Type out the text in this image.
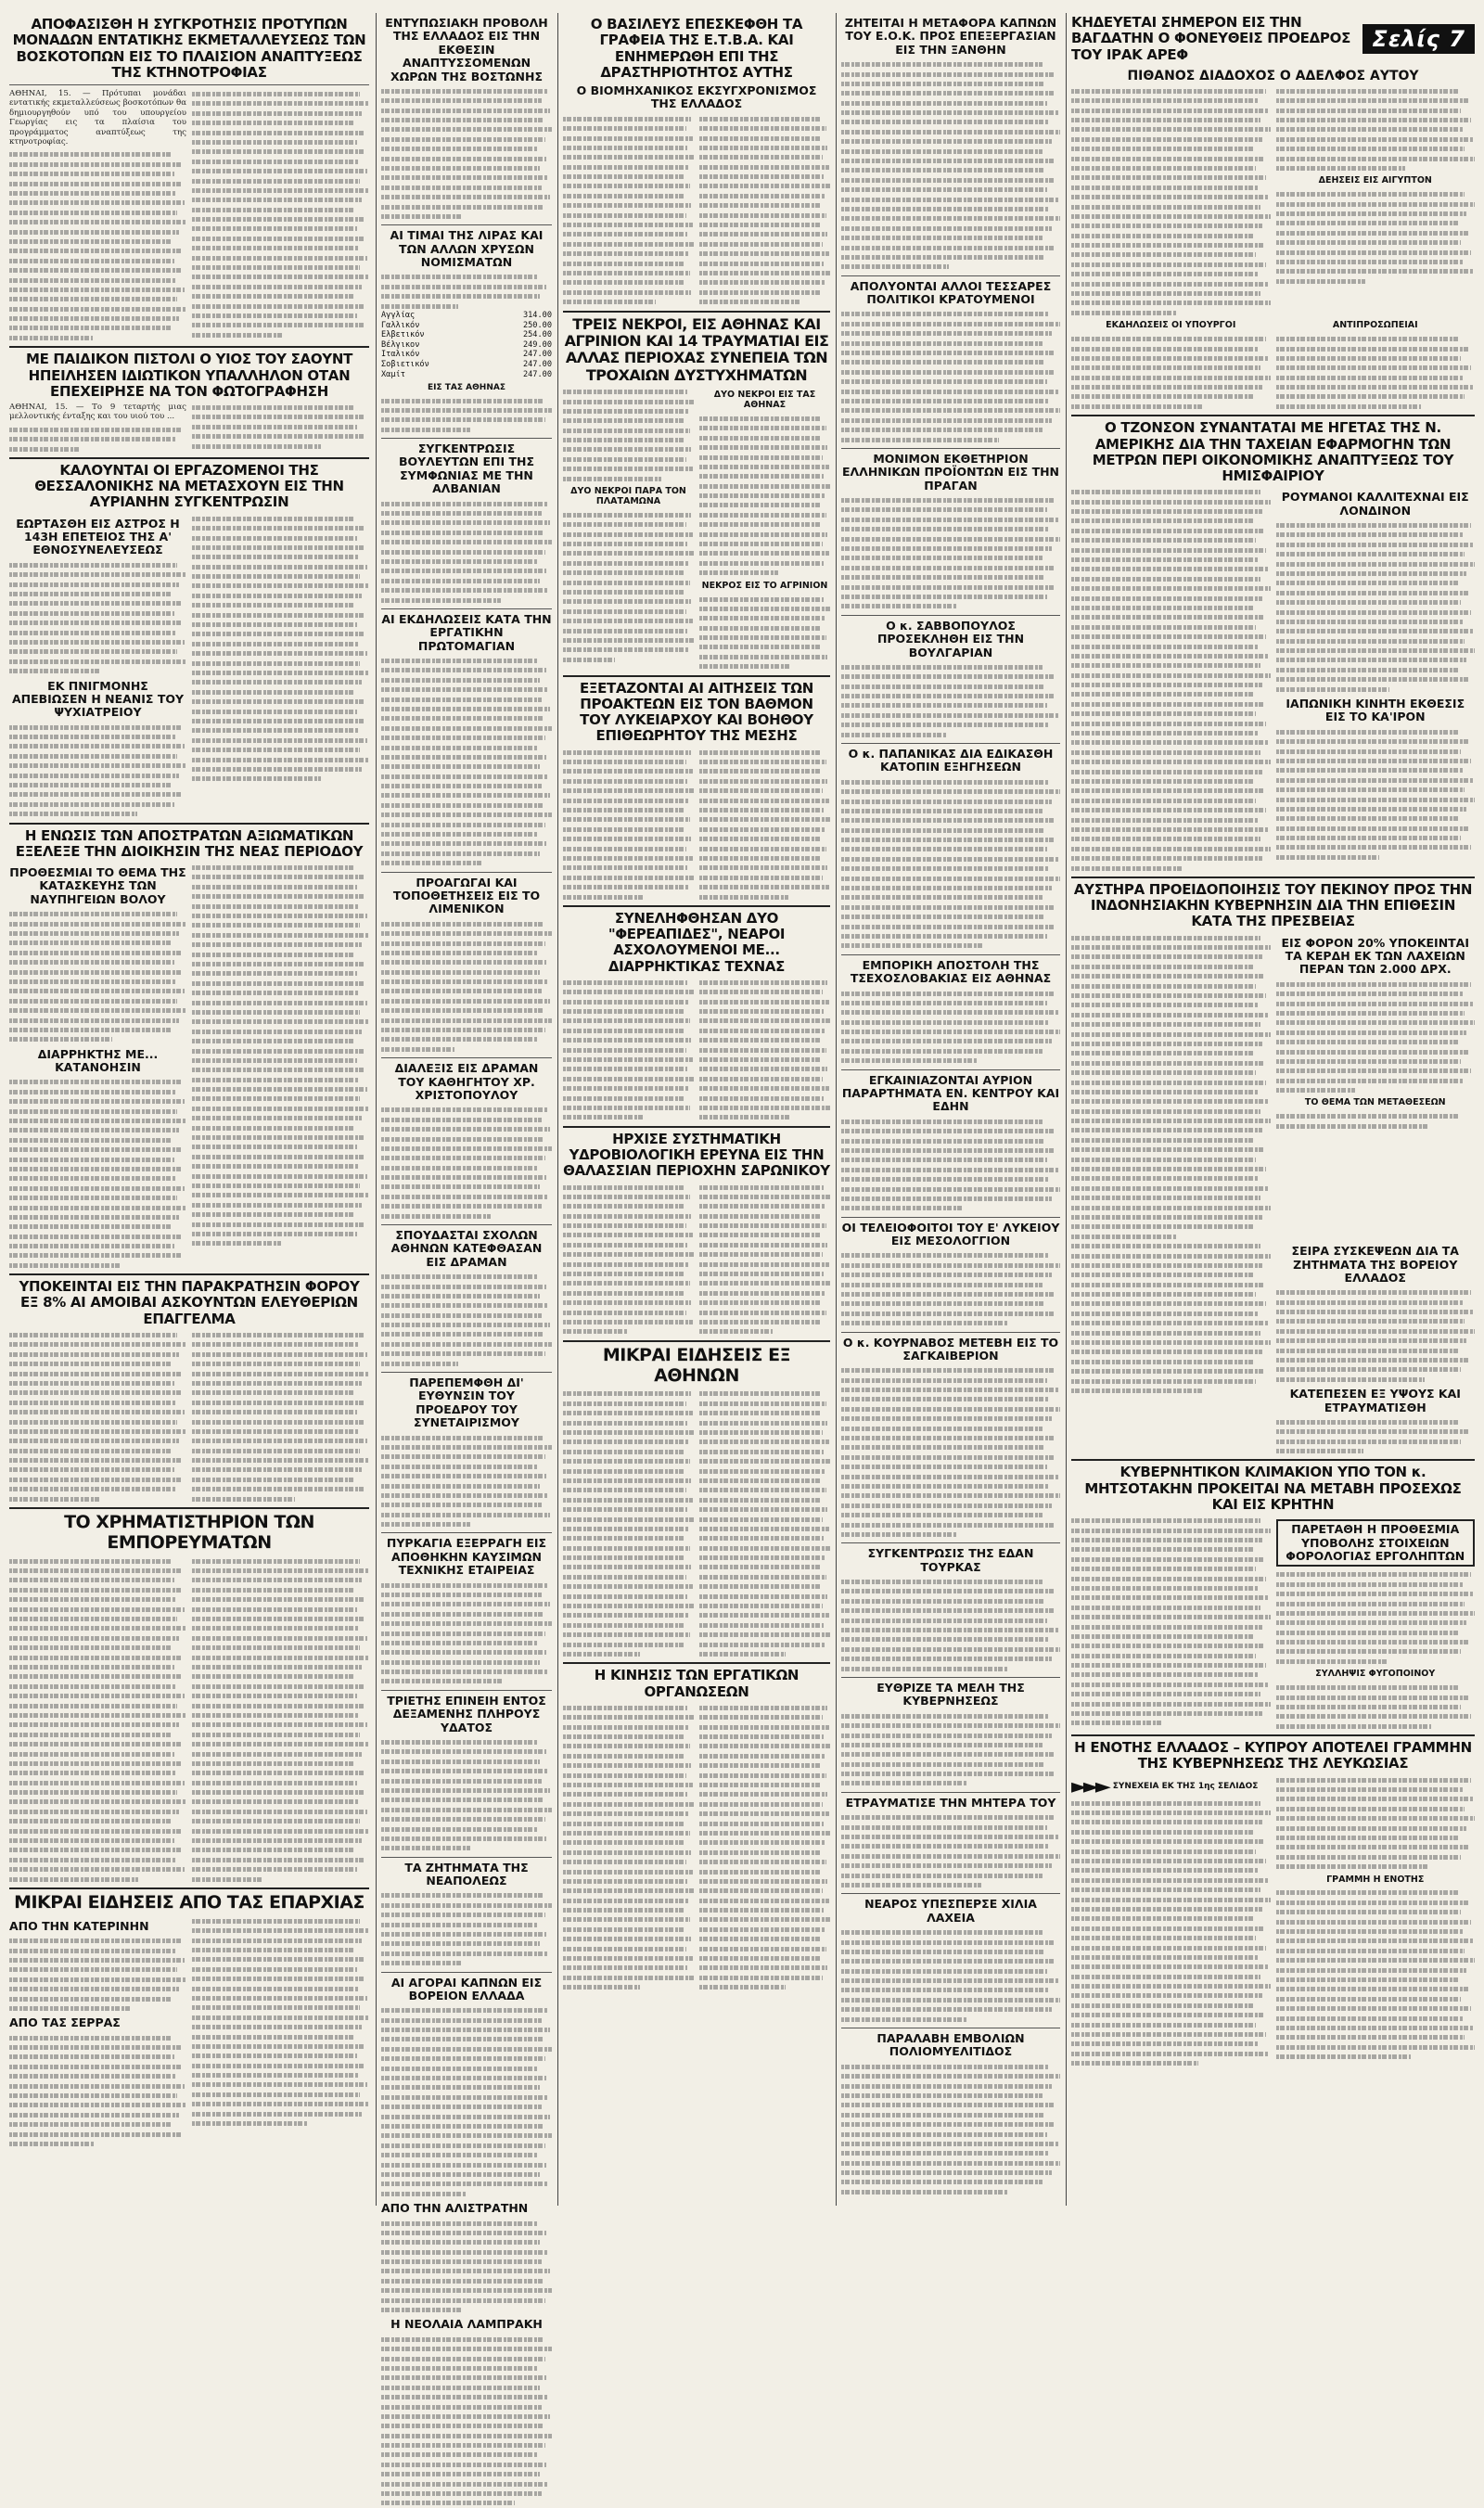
ΑΠΟΦΑΣΙΣΘΗ Η ΣΥΓΚΡΟΤΗΣΙΣ ΠΡΟΤΥΠΩΝ ΜΟΝΑΔΩΝ ΕΝΤΑΤΙΚΗΣ ΕΚΜΕΤΑΛΛΕΥΣΕΩΣ ΤΩΝ ΒΟΣΚΟΤΟΠΩΝ ΕΙΣ ΤΟ ΠΛΑΙΣΙΟΝ ΑΝΑΠΤΥΞΕΩΣ ΤΗΣ ΚΤΗΝΟΤΡΟΦΙΑΣ

ΑΘΗΝΑΙ, 15. — Πρότυπαι μονάδαι εντατικής εκμεταλλεύσεως βοσκοτόπων θα δημιουργηθούν υπό του υπουργείου Γεωργίας εις τα πλαίσια του προγράμματος αναπτύξεως της κτηνοτροφίας.

ΜΕ ΠΑΙΔΙΚΟΝ ΠΙΣΤΟΛΙ Ο ΥΙΟΣ ΤΟΥ ΣΑΟΥΝΤ ΗΠΕΙΛΗΣΕΝ ΙΔΙΩΤΙΚΟΝ ΥΠΑΛΛΗΛΟΝ ΟΤΑΝ ΕΠΕΧΕΙΡΗΣΕ ΝΑ ΤΟΝ ΦΩΤΟΓΡΑΦΗΣΗ

ΑΘΗΝΑΙ, 15. — Το 9 τεταρτής μιας μελλοντικής ένταξης και του υιού του ...

ΚΑΛΟΥΝΤΑΙ ΟΙ ΕΡΓΑΖΟΜΕΝΟΙ ΤΗΣ ΘΕΣΣΑΛΟΝΙΚΗΣ ΝΑ ΜΕΤΑΣΧΟΥΝ ΕΙΣ ΤΗΝ ΑΥΡΙΑΝΗΝ ΣΥΓΚΕΝΤΡΩΣΙΝ
ΕΩΡΤΑΣΘΗ ΕΙΣ ΑΣΤΡΟΣ Η 143Η ΕΠΕΤΕΙΟΣ ΤΗΣ Α' ΕΘΝΟΣΥΝΕΛΕΥΣΕΩΣ
ΕΚ ΠΝΙΓΜΟΝΗΣ ΑΠΕΒΙΩΣΕΝ Η ΝΕΑΝΙΣ ΤΟΥ ΨΥΧΙΑΤΡΕΙΟΥ
Η ΕΝΩΣΙΣ ΤΩΝ ΑΠΟΣΤΡΑΤΩΝ ΑΞΙΩΜΑΤΙΚΩΝ ΕΞΕΛΕΞΕ ΤΗΝ ΔΙΟΙΚΗΣΙΝ ΤΗΣ ΝΕΑΣ ΠΕΡΙΟΔΟΥ
ΠΡΟΘΕΣΜΙΑΙ ΤΟ ΘΕΜΑ ΤΗΣ ΚΑΤΑΣΚΕΥΗΣ ΤΩΝ ΝΑΥΠΗΓΕΙΩΝ ΒΟΛΟΥ
ΔΙΑΡΡΗΚΤΗΣ ΜΕ... ΚΑΤΑΝΟΗΣΙΝ
ΥΠΟΚΕΙΝΤΑΙ ΕΙΣ ΤΗΝ ΠΑΡΑΚΡΑΤΗΣΙΝ ΦΟΡΟΥ ΕΞ 8% ΑΙ ΑΜΟΙΒΑΙ ΑΣΚΟΥΝΤΩΝ ΕΛΕΥΘΕΡΙΩΝ ΕΠΑΓΓΕΛΜΑ
ΤΟ ΧΡΗΜΑΤΙΣΤΗΡΙΟΝ ΤΩΝ ΕΜΠΟΡΕΥΜΑΤΩΝ
ΜΙΚΡΑΙ ΕΙΔΗΣΕΙΣ ΑΠΟ ΤΑΣ ΕΠΑΡΧΙΑΣ
ΑΠΟ ΤΗΝ ΚΑΤΕΡΙΝΗΝ
ΑΠΟ ΤΑΣ ΣΕΡΡΑΣ
ΕΝΤΥΠΩΣΙΑΚΗ ΠΡΟΒΟΛΗ ΤΗΣ ΕΛΛΑΔΟΣ ΕΙΣ ΤΗΝ ΕΚΘΕΣΙΝ ΑΝΑΠΤΥΣΣΟΜΕΝΩΝ ΧΩΡΩΝ ΤΗΣ ΒΟΣΤΩΝΗΣ
ΑΙ ΤΙΜΑΙ ΤΗΣ ΛΙΡΑΣ ΚΑΙ ΤΩΝ ΑΛΛΩΝ ΧΡΥΣΩΝ ΝΟΜΙΣΜΑΤΩΝ
Αγγλίας	314.00
Γαλλικόν	250.00
Ελβετικόν	254.00
Βέλγικον	249.00
Ιταλικόν	247.00
Σοβιετικόν	247.00
Χαμίτ	247.00
ΕΙΣ ΤΑΣ ΑΘΗΝΑΣ
ΣΥΓΚΕΝΤΡΩΣΙΣ ΒΟΥΛΕΥΤΩΝ ΕΠΙ ΤΗΣ ΣΥΜΦΩΝΙΑΣ ΜΕ ΤΗΝ ΑΛΒΑΝΙΑΝ
ΑΙ ΕΚΔΗΛΩΣΕΙΣ ΚΑΤΑ ΤΗΝ ΕΡΓΑΤΙΚΗΝ ΠΡΩΤΟΜΑΓΙΑΝ
ΠΡΟΑΓΩΓΑΙ ΚΑΙ ΤΟΠΟΘΕΤΗΣΕΙΣ ΕΙΣ ΤΟ ΛΙΜΕΝΙΚΟΝ
ΔΙΑΛΕΞΙΣ ΕΙΣ ΔΡΑΜΑΝ ΤΟΥ ΚΑΘΗΓΗΤΟΥ ΧΡ. ΧΡΙΣΤΟΠΟΥΛΟΥ
ΣΠΟΥΔΑΣΤΑΙ ΣΧΟΛΩΝ ΑΘΗΝΩΝ ΚΑΤΕΦΘΑΣΑΝ ΕΙΣ ΔΡΑΜΑΝ
ΠΑΡΕΠΕΜΦΘΗ ΔΙ' ΕΥΘΥΝΣΙΝ ΤΟΥ ΠΡΟΕΔΡΟΥ ΤΟΥ ΣΥΝΕΤΑΙΡΙΣΜΟΥ
ΠΥΡΚΑΓΙΑ ΕΞΕΡΡΑΓΗ ΕΙΣ ΑΠΟΘΗΚΗΝ ΚΑΥΣΙΜΩΝ ΤΕΧΝΙΚΗΣ ΕΤΑΙΡΕΙΑΣ
ΤΡΙΕΤΗΣ ΕΠΙΝΕΙΗ ΕΝΤΟΣ ΔΕΞΑΜΕΝΗΣ ΠΛΗΡΟΥΣ ΥΔΑΤΟΣ
ΤΑ ΖΗΤΗΜΑΤΑ ΤΗΣ ΝΕΑΠΟΛΕΩΣ
ΑΙ ΑΓΟΡΑΙ ΚΑΠΝΩΝ ΕΙΣ ΒΟΡΕΙΟΝ ΕΛΛΑΔΑ
ΑΠΟ ΤΗΝ ΑΛΙΣΤΡΑΤΗΝ
Η ΝΕΟΛΑΙΑ ΛΑΜΠΡΑΚΗ
Ο ΒΑΣΙΛΕΥΣ ΕΠΕΣΚΕΦΘΗ ΤΑ ΓΡΑΦΕΙΑ ΤΗΣ Ε.Τ.Β.Α. ΚΑΙ ΕΝΗΜΕΡΩΘΗ ΕΠΙ ΤΗΣ ΔΡΑΣΤΗΡΙΟΤΗΤΟΣ ΑΥΤΗΣ
Ο ΒΙΟΜΗΧΑΝΙΚΟΣ ΕΚΣΥΓΧΡΟΝΙΣΜΟΣ ΤΗΣ ΕΛΛΑΔΟΣ
ΤΡΕΙΣ ΝΕΚΡΟΙ, ΕΙΣ ΑΘΗΝΑΣ ΚΑΙ ΑΓΡΙΝΙΟΝ ΚΑΙ 14 ΤΡΑΥΜΑΤΙΑΙ ΕΙΣ ΑΛΛΑΣ ΠΕΡΙΟΧΑΣ ΣΥΝΕΠΕΙΑ ΤΩΝ ΤΡΟΧΑΙΩΝ ΔΥΣΤΥΧΗΜΑΤΩΝ
ΔΥΟ ΝΕΚΡΟΙ ΠΑΡΑ ΤΟΝ ΠΛΑΤΑΜΩΝΑ
ΔΥΟ ΝΕΚΡΟΙ ΕΙΣ ΤΑΣ ΑΘΗΝΑΣ
ΝΕΚΡΟΣ ΕΙΣ ΤΟ ΑΓΡΙΝΙΟΝ
ΕΞΕΤΑΖΟΝΤΑΙ ΑΙ ΑΙΤΗΣΕΙΣ ΤΩΝ ΠΡΟΑΚΤΕΩΝ ΕΙΣ ΤΟΝ ΒΑΘΜΟΝ ΤΟΥ ΛΥΚΕΙΑΡΧΟΥ ΚΑΙ ΒΟΗΘΟΥ ΕΠΙΘΕΩΡΗΤΟΥ ΤΗΣ ΜΕΣΗΣ
ΣΥΝΕΛΗΦΘΗΣΑΝ ΔΥΟ "ΦΕΡΕΑΠΙΔΕΣ", ΝΕΑΡΟΙ ΑΣΧΟΛΟΥΜΕΝΟΙ ΜΕ... ΔΙΑΡΡΗΚΤΙΚΑΣ ΤΕΧΝΑΣ
ΗΡΧΙΣΕ ΣΥΣΤΗΜΑΤΙΚΗ ΥΔΡΟΒΙΟΛΟΓΙΚΗ ΕΡΕΥΝΑ ΕΙΣ ΤΗΝ ΘΑΛΑΣΣΙΑΝ ΠΕΡΙΟΧΗΝ ΣΑΡΩΝΙΚΟΥ
ΜΙΚΡΑΙ ΕΙΔΗΣΕΙΣ ΕΞ ΑΘΗΝΩΝ
Η ΚΙΝΗΣΙΣ ΤΩΝ ΕΡΓΑΤΙΚΩΝ ΟΡΓΑΝΩΣΕΩΝ
ΖΗΤΕΙΤΑΙ Η ΜΕΤΑΦΟΡΑ ΚΑΠΝΩΝ ΤΟΥ Ε.Ο.Κ. ΠΡΟΣ ΕΠΕΞΕΡΓΑΣΙΑΝ ΕΙΣ ΤΗΝ ΞΑΝΘΗΝ
ΑΠΟΛΥΟΝΤΑΙ ΑΛΛΟΙ ΤΕΣΣΑΡΕΣ ΠΟΛΙΤΙΚΟΙ ΚΡΑΤΟΥΜΕΝΟΙ
ΜΟΝΙΜΟΝ ΕΚΘΕΤΗΡΙΟΝ ΕΛΛΗΝΙΚΩΝ ΠΡΟΪΟΝΤΩΝ ΕΙΣ ΤΗΝ ΠΡΑΓΑΝ
Ο κ. ΣΑΒΒΟΠΟΥΛΟΣ ΠΡΟΣΕΚΛΗΘΗ ΕΙΣ ΤΗΝ ΒΟΥΛΓΑΡΙΑΝ
Ο κ. ΠΑΠΑΝΙΚΑΣ ΔΙΑ ΕΔΙΚΑΣΘΗ ΚΑΤΟΠΙΝ ΕΞΗΓΗΣΕΩΝ
ΕΜΠΟΡΙΚΗ ΑΠΟΣΤΟΛΗ ΤΗΣ ΤΣΕΧΟΣΛΟΒΑΚΙΑΣ ΕΙΣ ΑΘΗΝΑΣ
ΕΓΚΑΙΝΙΑΖΟΝΤΑΙ ΑΥΡΙΟΝ ΠΑΡΑΡΤΗΜΑΤΑ ΕΝ. ΚΕΝΤΡΟΥ ΚΑΙ ΕΔΗΝ
ΟΙ ΤΕΛΕΙΟΦΟΙΤΟΙ ΤΟΥ Ε' ΛΥΚΕΙΟΥ ΕΙΣ ΜΕΣΟΛΟΓΓΙΟΝ
Ο κ. ΚΟΥΡΝΑΒΟΣ ΜΕΤΕΒΗ ΕΙΣ ΤΟ ΣΑΓΚΑΙΒΕΡΙΟΝ
ΣΥΓΚΕΝΤΡΩΣΙΣ ΤΗΣ ΕΔΑΝ ΤΟΥΡΚΑΣ
ΕΥΘΡΙΖΕ ΤΑ ΜΕΛΗ ΤΗΣ ΚΥΒΕΡΝΗΣΕΩΣ
ΕΤΡΑΥΜΑΤΙΣΕ ΤΗΝ ΜΗΤΕΡΑ ΤΟΥ
ΝΕΑΡΟΣ ΥΠΕΣΠΕΡΣΕ ΧΙΛΙΑ ΛΑΧΕΙΑ
ΠΑΡΑΛΑΒΗ ΕΜΒΟΛΙΩΝ ΠΟΛΙΟΜΥΕΛΙΤΙΔΟΣ
ΚΗΔΕΥΕΤΑΙ ΣΗΜΕΡΟΝ ΕΙΣ ΤΗΝ ΒΑΓΔΑΤΗΝ Ο ΦΟΝΕΥΘΕΙΣ ΠΡΟΕΔΡΟΣ ΤΟΥ ΙΡΑΚ ΑΡΕΦ
Σελίς 7
ΠΙΘΑΝΟΣ ΔΙΑΔΟΧΟΣ Ο ΑΔΕΛΦΟΣ ΑΥΤΟΥ
ΔΕΗΣΕΙΣ ΕΙΣ ΑΙΓΥΠΤΟΝ
ΕΚΔΗΛΩΣΕΙΣ ΟΙ ΥΠΟΥΡΓΟΙ	ΑΝΤΙΠΡΟΣΩΠΕΙΑΙ
Ο ΤΖΟΝΣΟΝ ΣΥΝΑΝΤΑΤΑΙ ΜΕ ΗΓΕΤΑΣ ΤΗΣ Ν. ΑΜΕΡΙΚΗΣ ΔΙΑ ΤΗΝ ΤΑΧΕΙΑΝ ΕΦΑΡΜΟΓΗΝ ΤΩΝ ΜΕΤΡΩΝ ΠΕΡΙ ΟΙΚΟΝΟΜΙΚΗΣ ΑΝΑΠΤΥΞΕΩΣ ΤΟΥ ΗΜΙΣΦΑΙΡΙΟΥ
ΡΟΥΜΑΝΟΙ ΚΑΛΛΙΤΕΧΝΑΙ ΕΙΣ ΛΟΝΔΙΝΟΝ
ΙΑΠΩΝΙΚΗ ΚΙΝΗΤΗ ΕΚΘΕΣΙΣ ΕΙΣ ΤΟ ΚΑ'ΙΡΟΝ
ΑΥΣΤΗΡΑ ΠΡΟΕΙΔΟΠΟΙΗΣΙΣ ΤΟΥ ΠΕΚΙΝΟΥ ΠΡΟΣ ΤΗΝ ΙΝΔΟΝΗΣΙΑΚΗΝ ΚΥΒΕΡΝΗΣΙΝ ΔΙΑ ΤΗΝ ΕΠΙΘΕΣΙΝ ΚΑΤΑ ΤΗΣ ΠΡΕΣΒΕΙΑΣ
ΕΙΣ ΦΟΡΟΝ 20% ΥΠΟΚΕΙΝΤΑΙ ΤΑ ΚΕΡΔΗ ΕΚ ΤΩΝ ΛΑΧΕΙΩΝ ΠΕΡΑΝ ΤΩΝ 2.000 ΔΡΧ.
ΤΟ ΘΕΜΑ ΤΩΝ ΜΕΤΑΘΕΣΕΩΝ
ΣΕΙΡΑ ΣΥΣΚΕΨΕΩΝ ΔΙΑ ΤΑ ΖΗΤΗΜΑΤΑ ΤΗΣ ΒΟΡΕΙΟΥ ΕΛΛΑΔΟΣ
ΚΑΤΕΠΕΣΕΝ ΕΞ ΥΨΟΥΣ ΚΑΙ ΕΤΡΑΥΜΑΤΙΣΘΗ
ΚΥΒΕΡΝΗΤΙΚΟΝ ΚΛΙΜΑΚΙΟΝ ΥΠΟ ΤΟΝ κ. ΜΗΤΣΟΤΑΚΗΝ ΠΡΟΚΕΙΤΑΙ ΝΑ ΜΕΤΑΒΗ ΠΡΟΣΕΧΩΣ ΚΑΙ ΕΙΣ ΚΡΗΤΗΝ
ΠΑΡΕΤΑΘΗ Η ΠΡΟΘΕΣΜΙΑ ΥΠΟΒΟΛΗΣ ΣΤΟΙΧΕΙΩΝ ΦΟΡΟΛΟΓΙΑΣ ΕΡΓΟΛΗΠΤΩΝ
ΣΥΛΛΗΨΙΣ ΦΥΓΟΠΟΙΝΟΥ
Η ΕΝΟΤΗΣ ΕΛΛΑΔΟΣ – ΚΥΠΡΟΥ ΑΠΟΤΕΛΕΙ ΓΡΑΜΜΗΝ ΤΗΣ ΚΥΒΕΡΝΗΣΕΩΣ ΤΗΣ ΛΕΥΚΩΣΙΑΣ
►►► ΣΥΝΕΧΕΙΑ ΕΚ ΤΗΣ 1ης ΣΕΛΙΔΟΣ
ΓΡΑΜΜΗ Η ΕΝΟΤΗΣ
